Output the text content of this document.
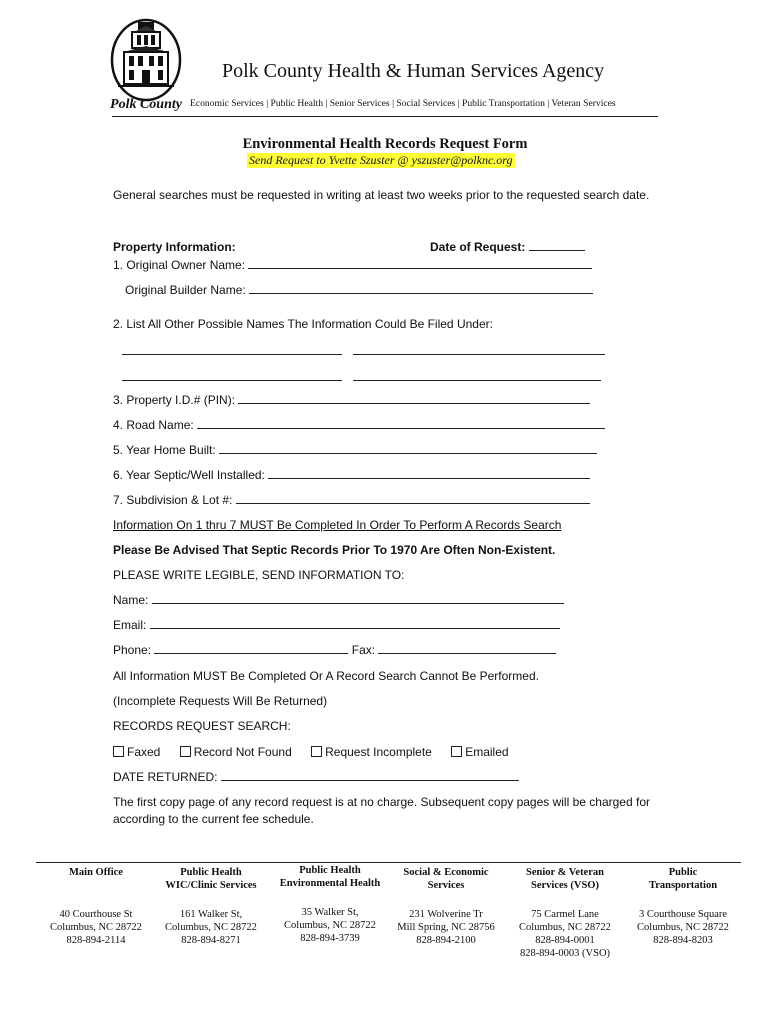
Polk County
Polk County Health & Human Services Agency
Economic Services | Public Health | Senior Services | Social Services | Public Transportation | Veteran Services
Environmental Health Records Request Form
Send Request to Yvette Szuster @ yszuster@polknc.org
General searches must be requested in writing at least two weeks prior to the requested search date.
Property Information:	Date of Request:
1. Original Owner Name:
Original Builder Name:
2. List All Other Possible Names The Information Could Be Filed Under:
3. Property I.D.# (PIN):
4. Road Name:
5. Year Home Built:
6. Year Septic/Well Installed:
7. Subdivision & Lot #:
Information On 1 thru 7 MUST Be Completed In Order To Perform A Records Search
Please Be Advised That Septic Records Prior To 1970 Are Often Non-Existent.
PLEASE WRITE LEGIBLE, SEND INFORMATION TO:
Name:
Email:
Phone:	Fax:
All Information MUST Be Completed Or A Record Search Cannot Be Performed.
(Incomplete Requests Will Be Returned)
RECORDS REQUEST SEARCH:
Faxed	Record Not Found	Request Incomplete	Emailed
DATE RETURNED:
The first copy page of any record request is at no charge. Subsequent copy pages will be charged for according to the current fee schedule.
Main Office
40 Courthouse St
Columbus, NC 28722
828-894-2114
Public Health
WIC/Clinic Services
161 Walker St,
Columbus, NC 28722
828-894-8271
Public Health
Environmental Health
35 Walker St,
Columbus, NC 28722
828-894-3739
Social & Economic
Services
231 Wolverine Tr
Mill Spring, NC 28756
828-894-2100
Senior & Veteran
Services (VSO)
75 Carmel Lane
Columbus, NC 28722
828-894-0001
828-894-0003 (VSO)
Public
Transportation
3 Courthouse Square
Columbus, NC 28722
828-894-8203
